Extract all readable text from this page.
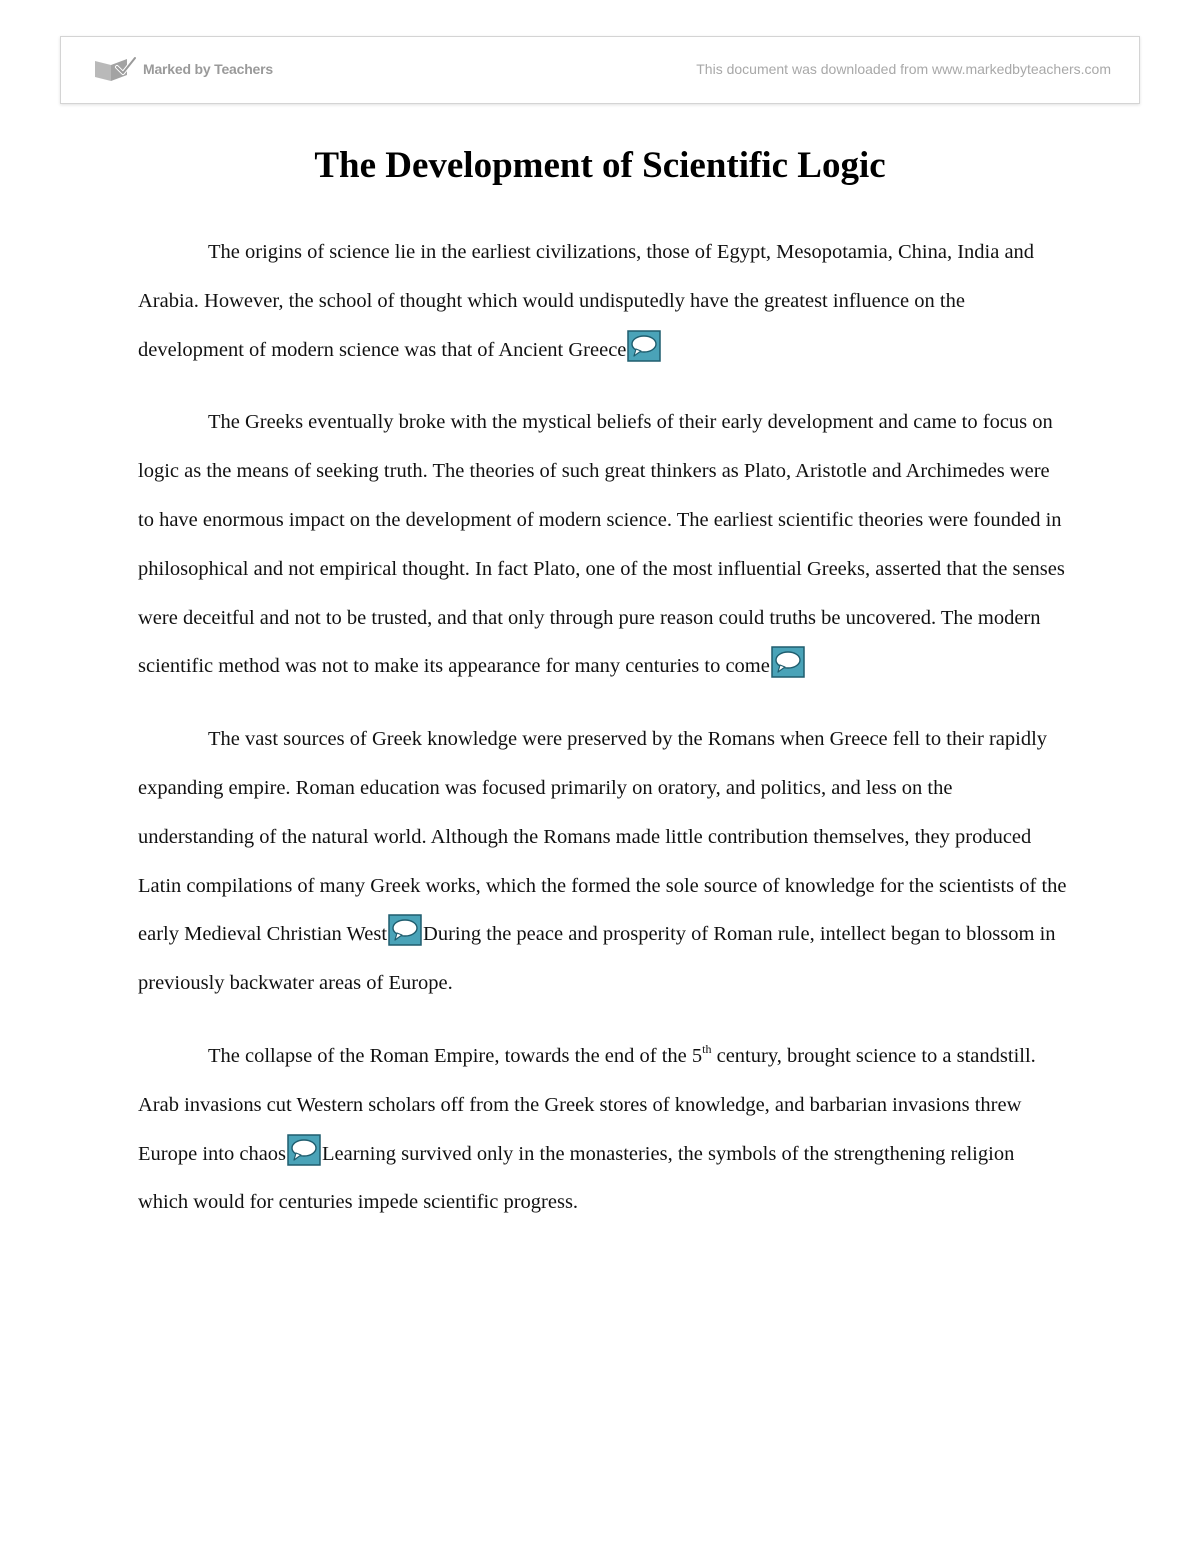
Marked by Teachers	This document was downloaded from www.markedbyteachers.com
The Development of Scientific Logic

The origins of science lie in the earliest civilizations, those of Egypt, Mesopotamia, China, India and Arabia. However, the school of thought which would undisputedly have the greatest influence on the development of modern science was that of Ancient Greece

The Greeks eventually broke with the mystical beliefs of their early development and came to focus on logic as the means of seeking truth. The theories of such great thinkers as Plato, Aristotle and Archimedes were to have enormous impact on the development of modern science. The earliest scientific theories were founded in philosophical and not empirical thought. In fact Plato, one of the most influential Greeks, asserted that the senses were deceitful and not to be trusted, and that only through pure reason could truths be uncovered. The modern scientific method was not to make its appearance for many centuries to come

The vast sources of Greek knowledge were preserved by the Romans when Greece fell to their rapidly expanding empire. Roman education was focused primarily on oratory, and politics, and less on the understanding of the natural world. Although the Romans made little contribution themselves, they produced Latin compilations of many Greek works, which the formed the sole source of knowledge for the scientists of the early Medieval Christian West During the peace and prosperity of Roman rule, intellect began to blossom in previously backwater areas of Europe.

The collapse of the Roman Empire, towards the end of the 5th century, brought science to a standstill. Arab invasions cut Western scholars off from the Greek stores of knowledge, and barbarian invasions threw Europe into chaos Learning survived only in the monasteries, the symbols of the strengthening religion which would for centuries impede scientific progress.
